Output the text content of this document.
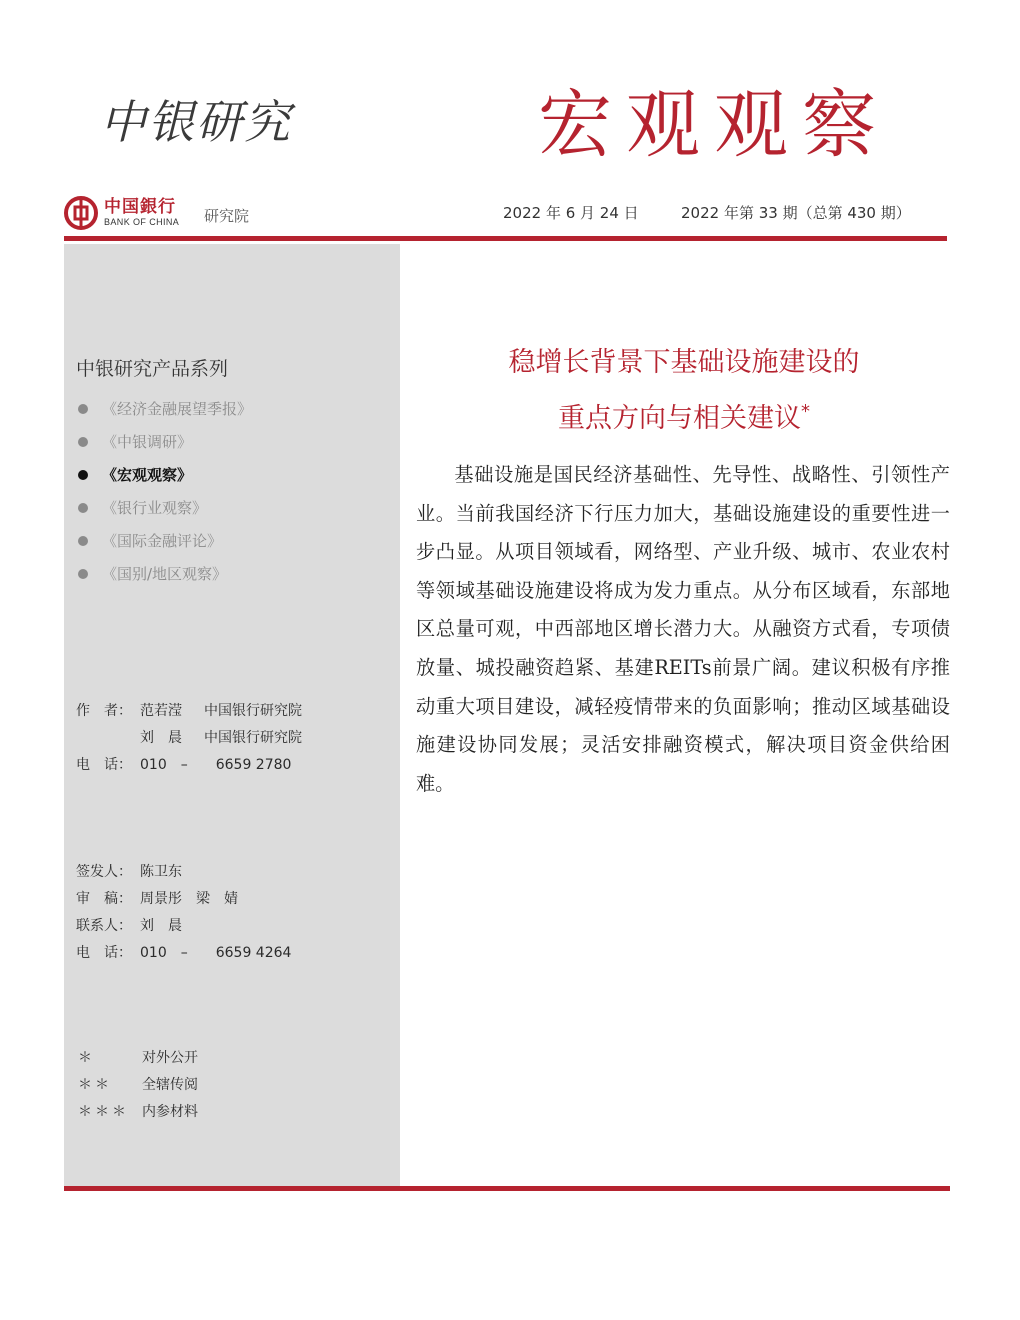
中银研究	宏观观察
中国銀行
BANK OF CHINA 研究院	2022 年 6 月 24 日	2022 年第 33 期（总第 430 期）
中银研究产品系列
《经济金融展望季报》
《中银调研》
《宏观观察》
《银行业观察》
《国际金融评论》
《国别/地区观察》
作　者： 范若滢 中国银行研究院
刘　晨 中国银行研究院
电　话： 010　–　　6659 2780
签发人： 陈卫东
审　稿： 周景彤　梁　婧
联系人： 刘　晨
电　话： 010　–　　6659 4264
＊	对外公开
＊＊ 全辖传阅
＊＊＊ 内参材料
稳增长背景下基础设施建设的
重点方向与相关建议*

基础设施是国民经济基础性、先导性、战略性、引领性产业。当前我国经济下行压力加大，基础设施建设的重要性进一步凸显。从项目领域看，网络型、产业升级、城市、农业农村等领域基础设施建设将成为发力重点。从分布区域看，东部地区总量可观，中西部地区增长潜力大。从融资方式看，专项债放量、城投融资趋紧、基建REITs前景广阔。建议积极有序推动重大项目建设，减轻疫情带来的负面影响；推动区域基础设施建设协同发展；灵活安排融资模式，解决项目资金供给困难。
